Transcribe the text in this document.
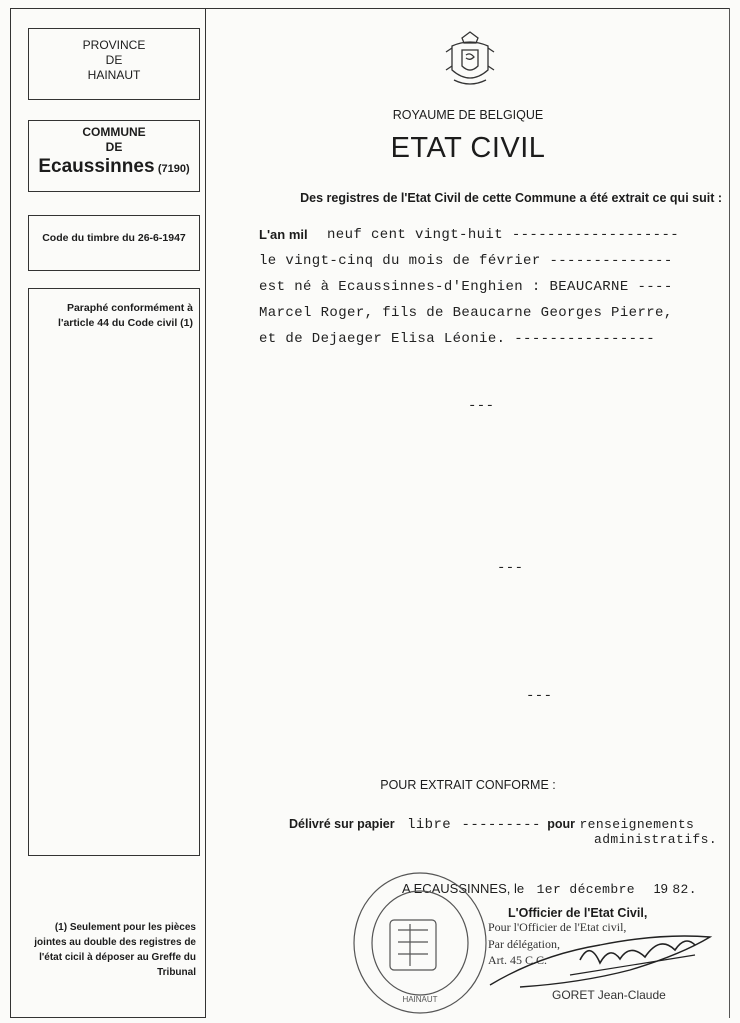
PROVINCE
DE
HAINAUT
COMMUNE
DE
Ecaussinnes (7190)
Code du timbre du 26-6-1947
Paraphé conformément à l'article 44 du Code civil (1)
(1) Seulement pour les pièces jointes au double des registres de l'état cicil à déposer au Greffe du Tribunal
ROYAUME DE BELGIQUE
ETAT CIVIL
Des registres de l'Etat Civil de cette Commune a été extrait ce qui suit :
L'an mil neuf cent vingt-huit -------------------
le vingt-cinq du mois de février --------------
est né à Ecaussinnes-d'Enghien : BEAUCARNE ----
Marcel Roger, fils de Beaucarne Georges Pierre,
et de Dejaeger Elisa Léonie. ----------------
---
---
---
POUR EXTRAIT CONFORME :
Délivré sur papier libre --------- pour renseignements
administratifs.
A ECAUSSINNES, le 1er décembre 19 82.
HAINAUT
L'Officier de l'Etat Civil,
Pour l'Officier de l'Etat civil,
Par délégation,
Art. 45 C.C.
GORET Jean-Claude
